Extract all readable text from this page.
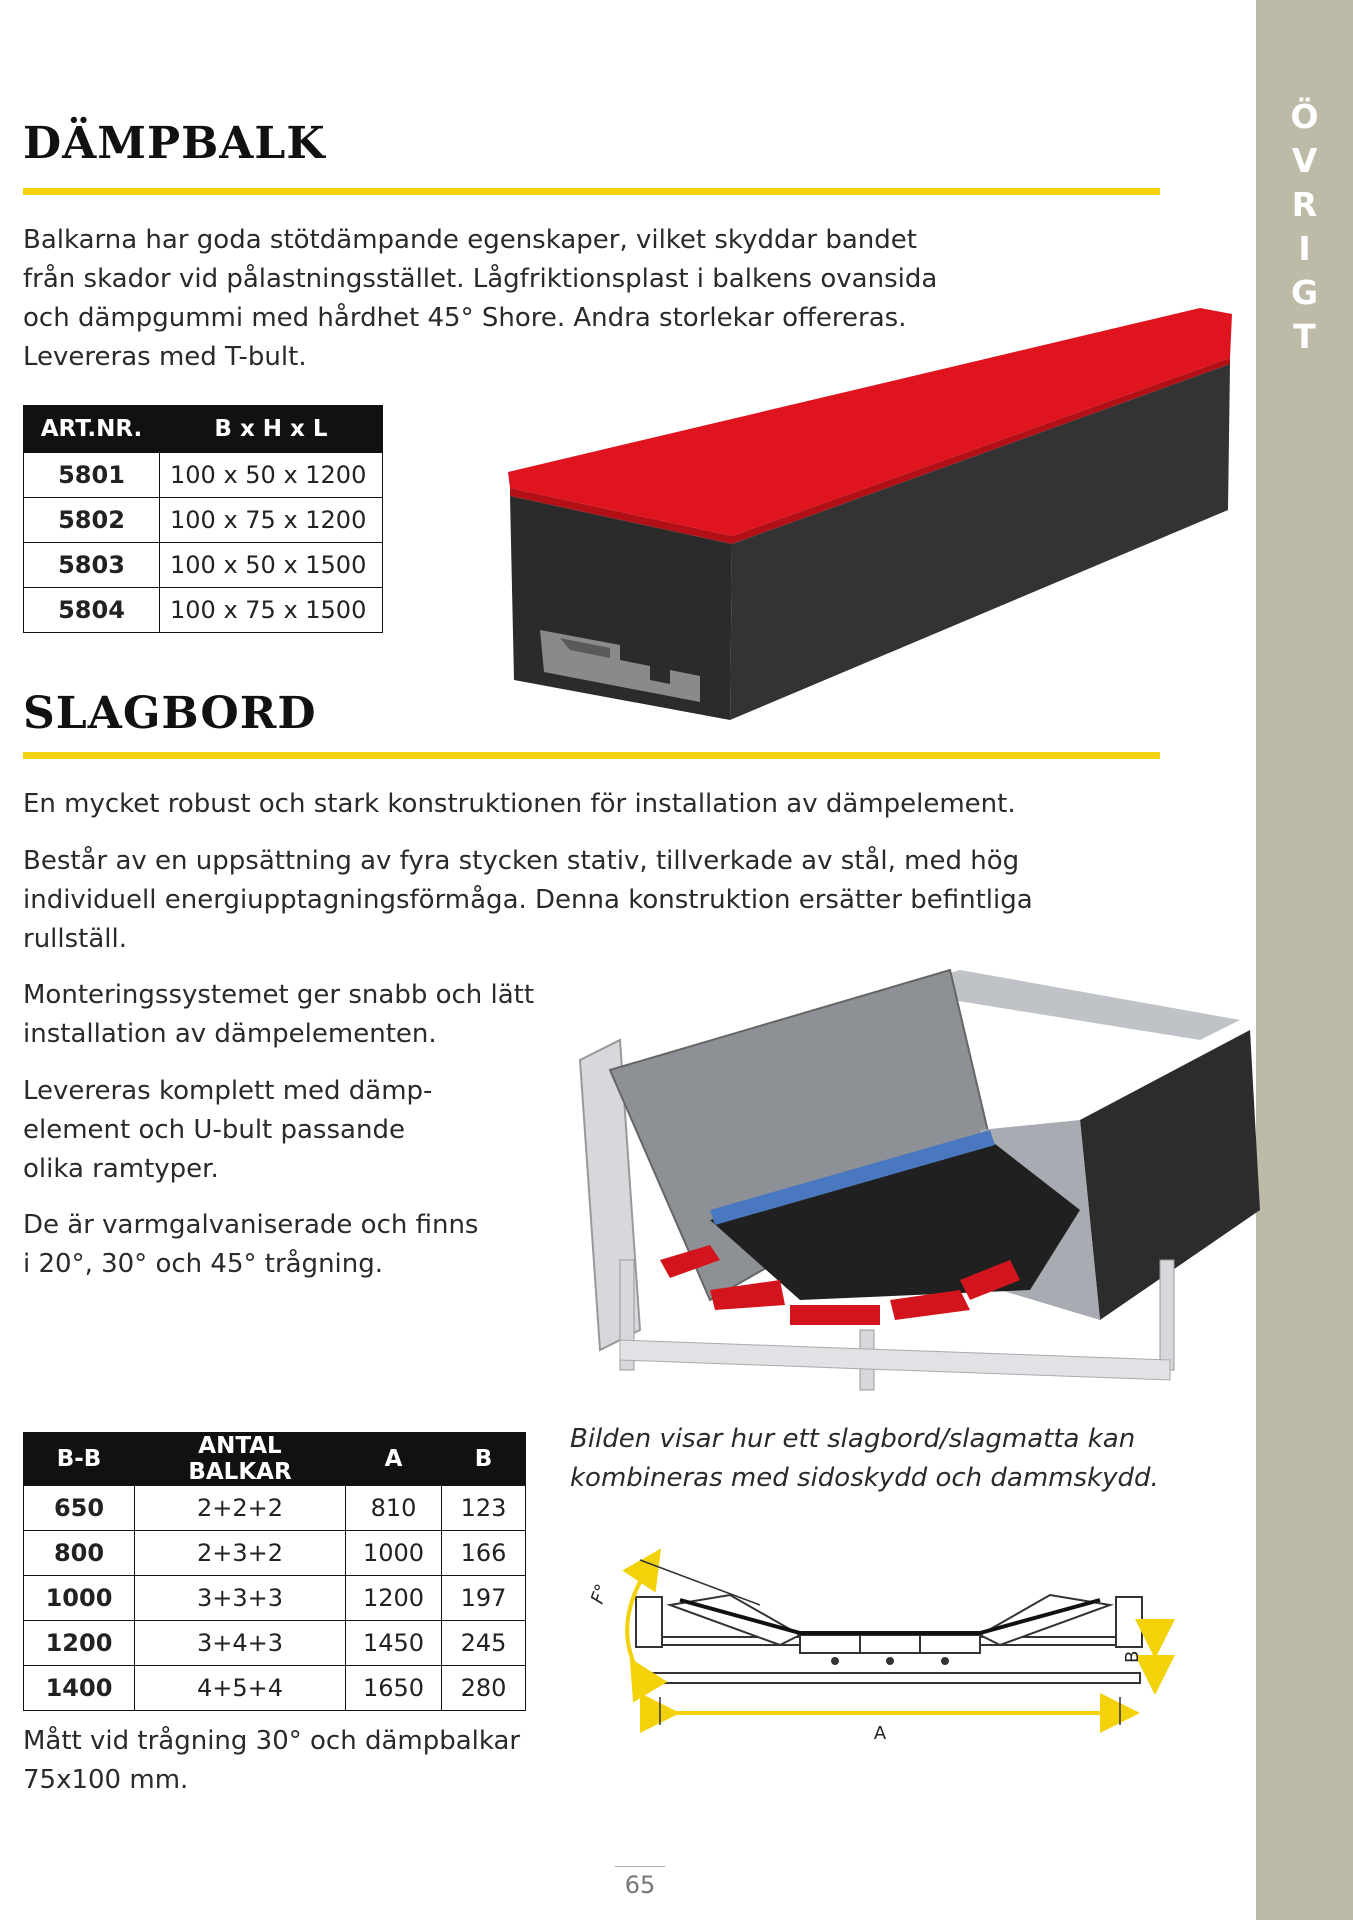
Ö
V
R
I
G
T
DÄMPBALK

Balkarna har goda stötdämpande egenskaper, vilket skyddar bandet
från skador vid pålastningsstället. Lågfriktionsplast i balkens ovansida
och dämpgummi med hårdhet 45° Shore. Andra storlekar offereras.
Levereras med T-bult.

ART.NR.	B x H x L
5801	100 x 50 x 1200
5802	100 x 75 x 1200
5803	100 x 50 x 1500
5804	100 x 75 x 1500
SLAGBORD

En mycket robust och stark konstruktionen för installation av dämpelement.

Består av en uppsättning av fyra stycken stativ, tillverkade av stål, med hög
individuell energiupptagningsförmåga. Denna konstruktion ersätter befintliga
rullställ.

Monteringssystemet ger snabb och lätt
installation av dämpelementen.

Levereras komplett med dämp-
element och U-bult passande
olika ramtyper.

De är varmgalvaniserade och finns
i 20°, 30° och 45° trågning.

B-B	ANTAL BALKAR	A	B
650	2+2+2	810	123
800	2+3+2	1000	166
1000	3+3+3	1200	197
1200	3+4+3	1450	245
1400	4+5+4	1650	280

Bilden visar hur ett slagbord/slagmatta kan
kombineras med sidoskydd och dammskydd.

F°
A
B

Mått vid trågning 30° och dämpbalkar
75x100 mm.

65
